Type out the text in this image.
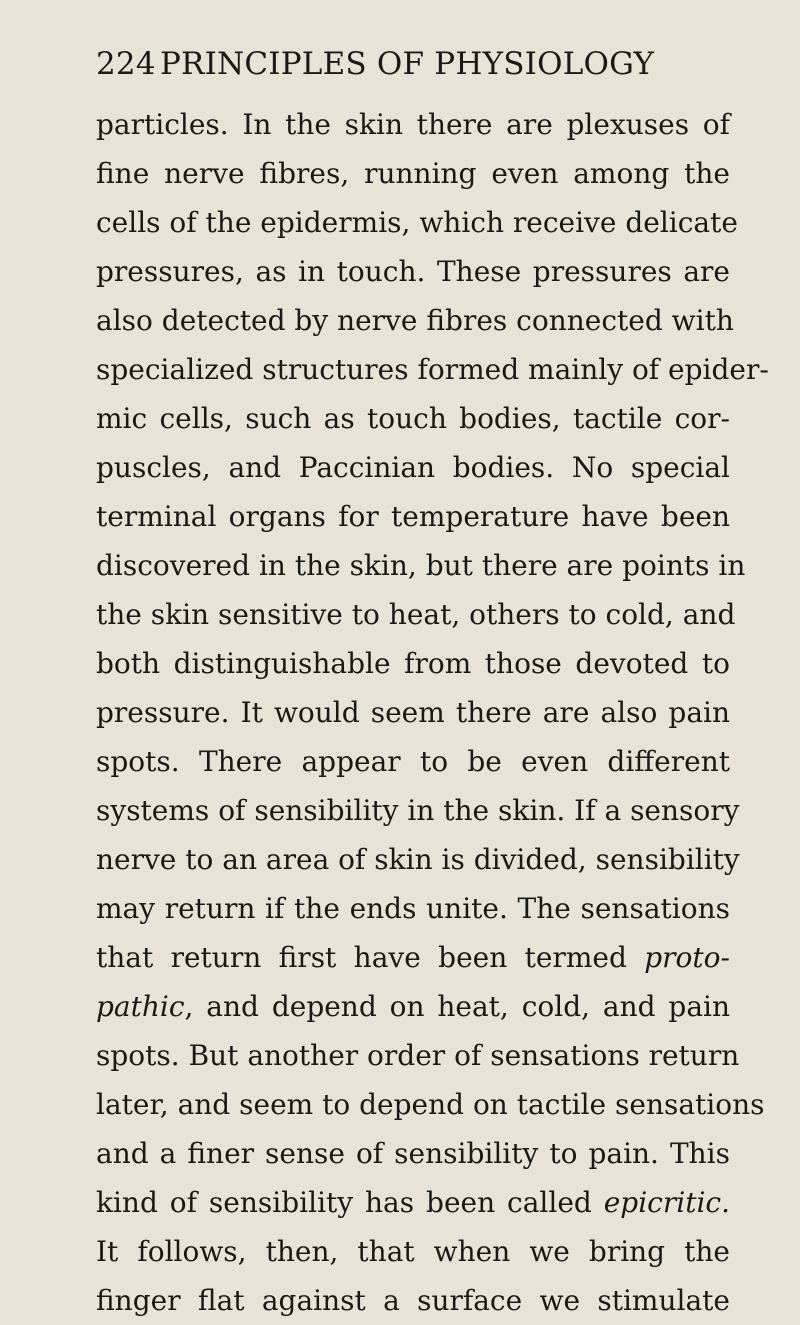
224 PRINCIPLES OF PHYSIOLOGY
particles. In the skin there are plexuses of
fine nerve fibres, running even among the
cells of the epidermis, which receive delicate
pressures, as in touch. These pressures are
also detected by nerve fibres connected with
specialized structures formed mainly of epider-
mic cells, such as touch bodies, tactile cor-
puscles, and Paccinian bodies. No special
terminal organs for temperature have been
discovered in the skin, but there are points in
the skin sensitive to heat, others to cold, and
both distinguishable from those devoted to
pressure. It would seem there are also pain
spots. There appear to be even different
systems of sensibility in the skin. If a sensory
nerve to an area of skin is divided, sensibility
may return if the ends unite. The sensations
that return first have been termed proto-
pathic, and depend on heat, cold, and pain
spots. But another order of sensations return
later, and seem to depend on tactile sensations
and a finer sense of sensibility to pain. This
kind of sensibility has been called epicritic.
It follows, then, that when we bring the
finger flat against a surface we stimulate
